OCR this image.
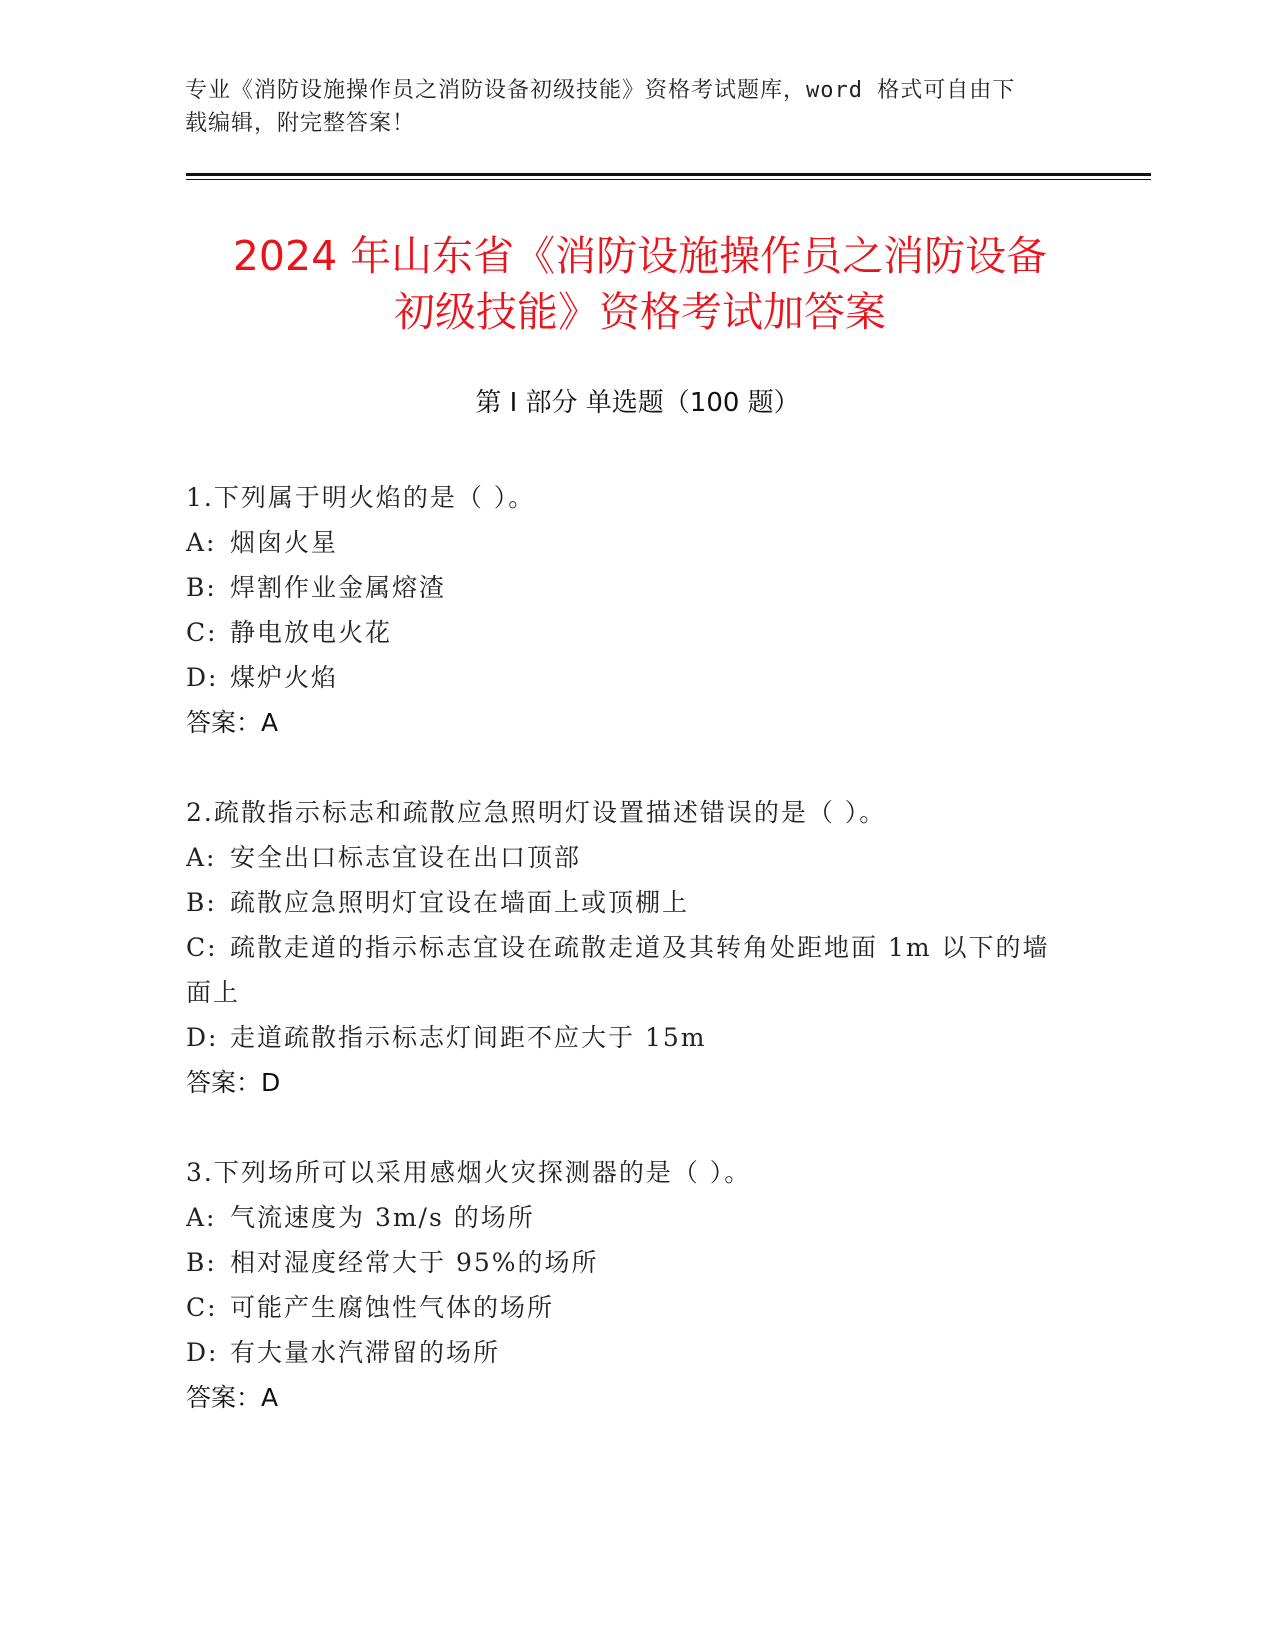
专业《消防设施操作员之消防设备初级技能》资格考试题库，word 格式可自由下
载编辑，附完整答案！
2024 年山东省《消防设施操作员之消防设备
初级技能》资格考试加答案
第 I 部分 单选题（100 题）
1.下列属于明火焰的是（ ）。
A: 烟囱火星
B: 焊割作业金属熔渣
C: 静电放电火花
D: 煤炉火焰
答案：A
2.疏散指示标志和疏散应急照明灯设置描述错误的是（ ）。
A: 安全出口标志宜设在出口顶部
B: 疏散应急照明灯宜设在墙面上或顶棚上
C: 疏散走道的指示标志宜设在疏散走道及其转角处距地面 1m 以下的墙面上
D: 走道疏散指示标志灯间距不应大于 15m
答案：D
3.下列场所可以采用感烟火灾探测器的是（ ）。
A: 气流速度为 3m/s 的场所
B: 相对湿度经常大于 95%的场所
C: 可能产生腐蚀性气体的场所
D: 有大量水汽滞留的场所
答案：A
